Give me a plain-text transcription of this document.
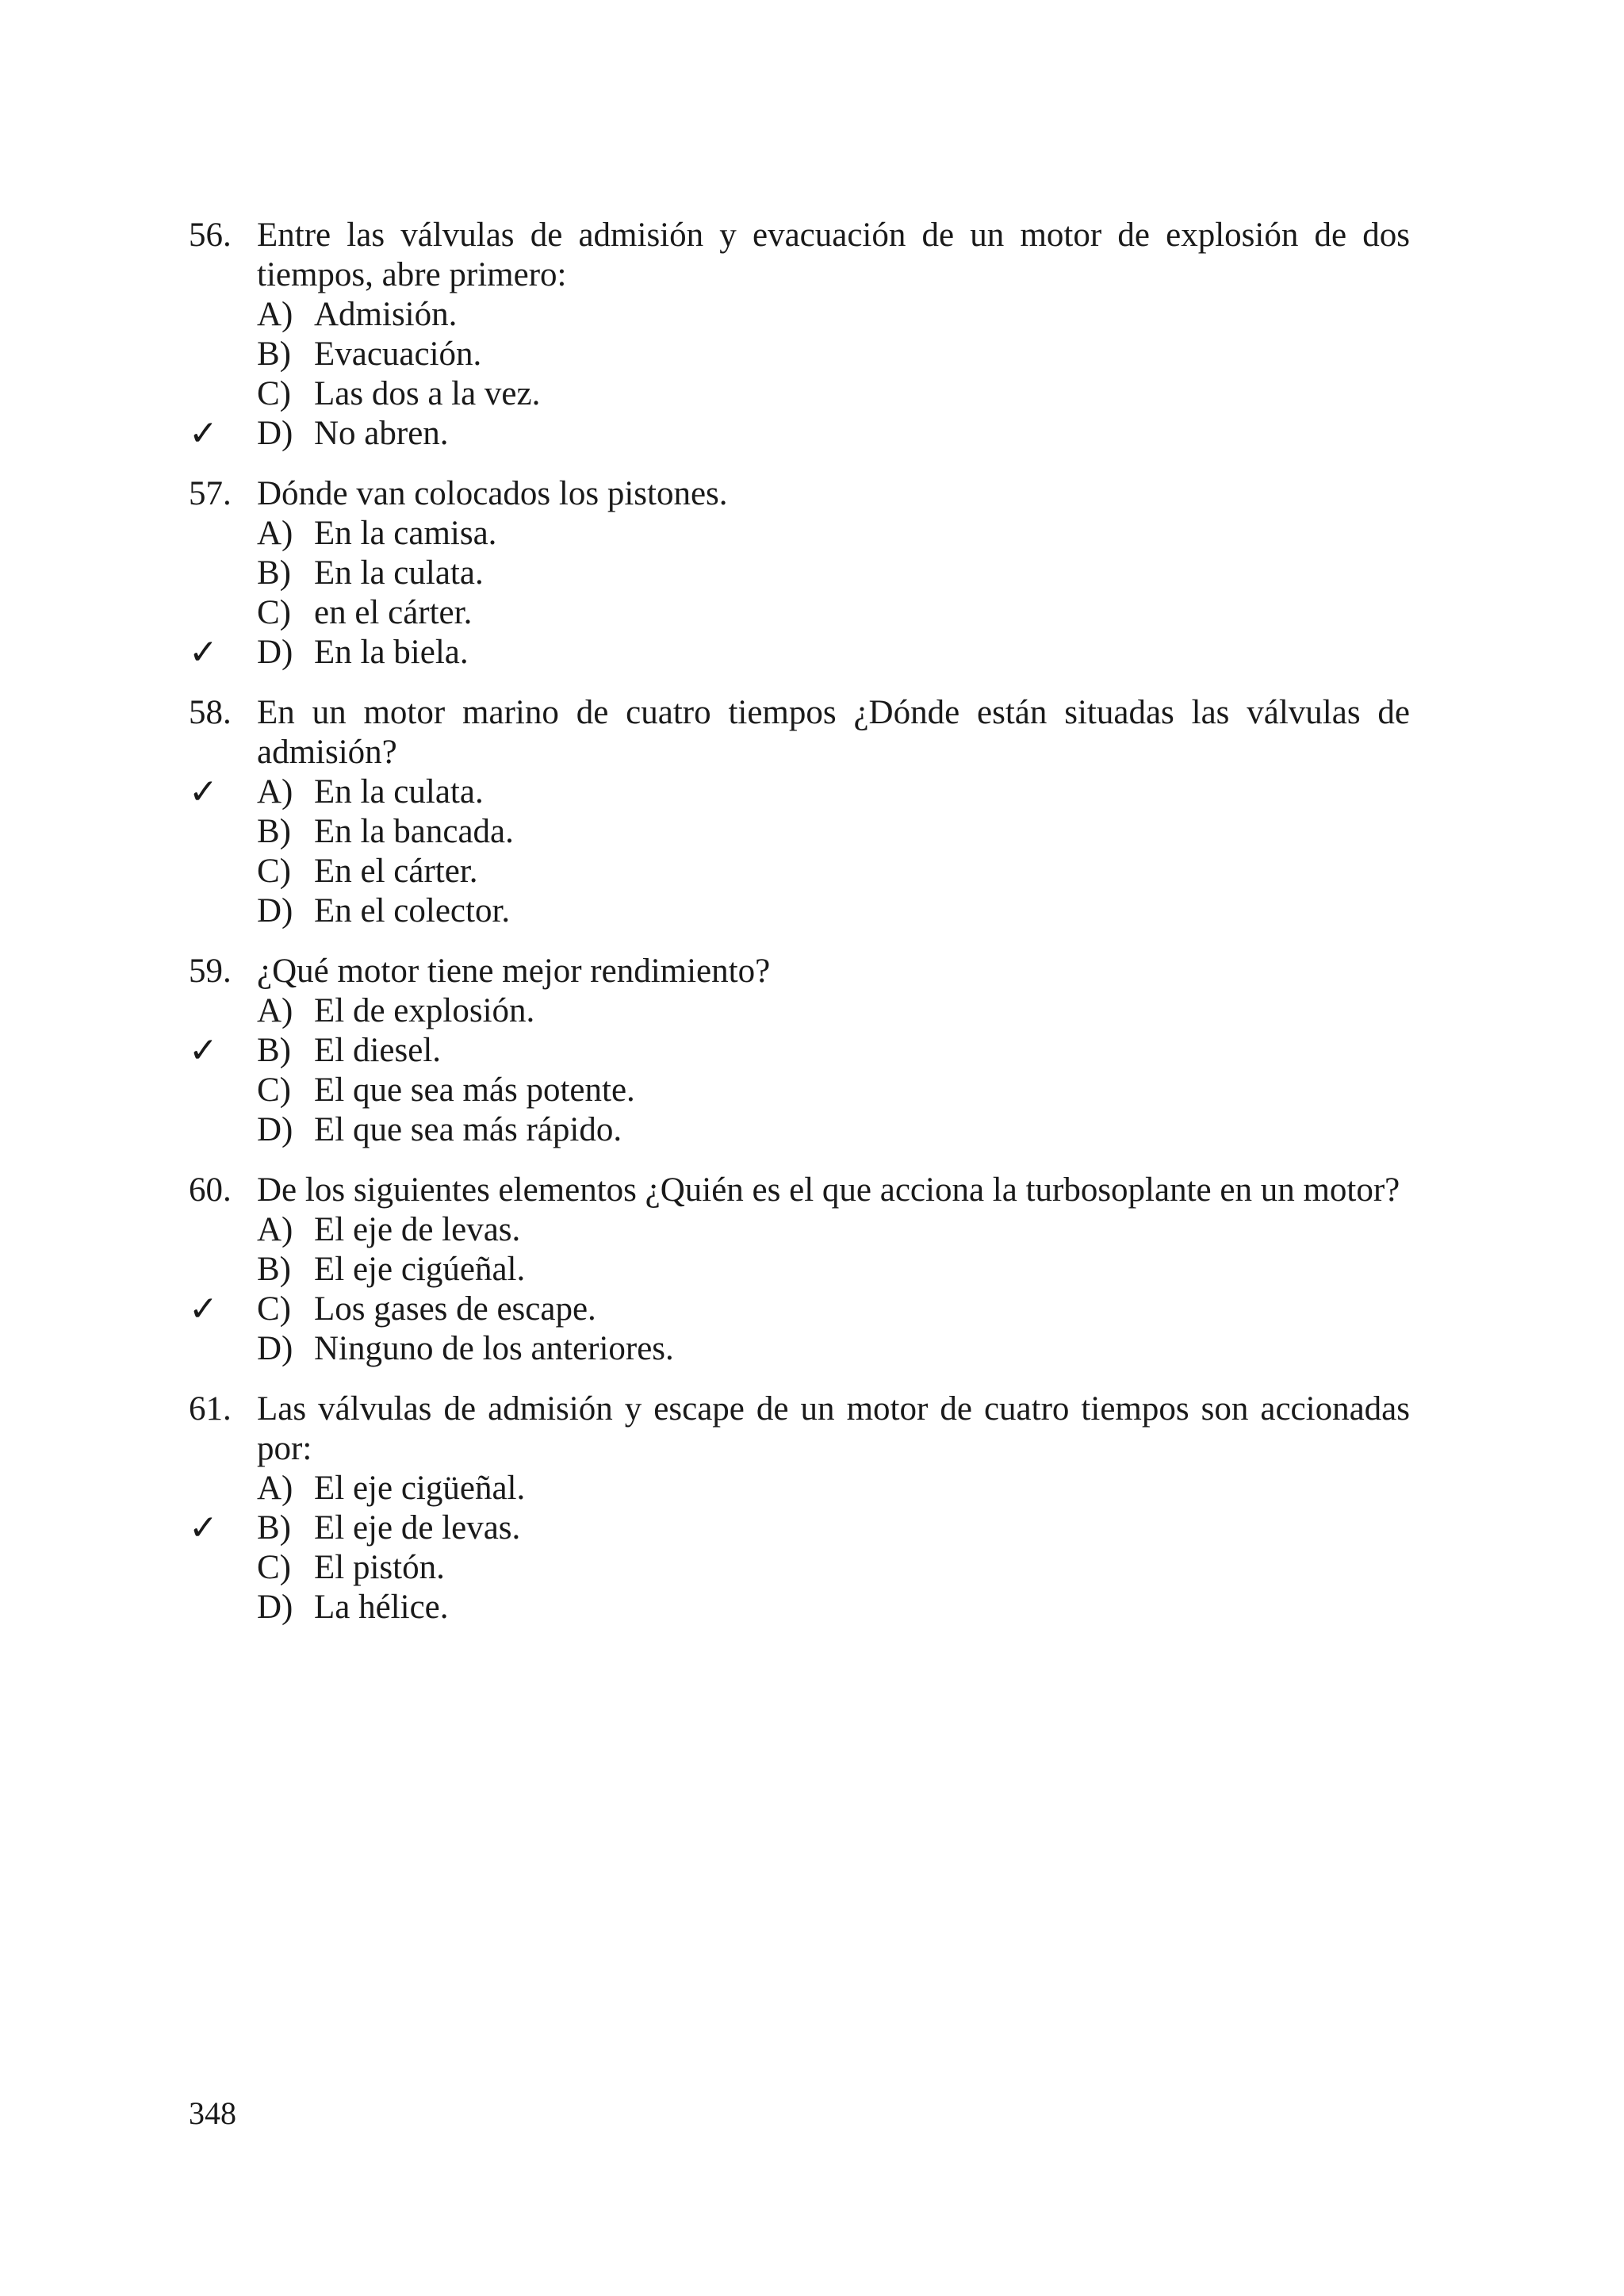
56. Entre las válvulas de admisión y evacuación de un motor de explosión de dos tiempos, abre primero:
A) Admisión.
B) Evacuación.
C) Las dos a la vez.
✓	D) No abren.
57. Dónde van colocados los pistones.
A) En la camisa.
B) En la culata.
C) en el cárter.
✓	D) En la biela.
58. En un motor marino de cuatro tiempos ¿Dónde están situadas las válvulas de admisión?
✓	A) En la culata.
B) En la bancada.
C) En el cárter.
D) En el colector.
59. ¿Qué motor tiene mejor rendimiento?
A) El de explosión.
✓	B) El diesel.
C) El que sea más potente.
D) El que sea más rápido.
60. De los siguientes elementos ¿Quién es el que acciona la turbosoplante en un motor?
A) El eje de levas.
B) El eje cigúeñal.
✓	C) Los gases de escape.
D) Ninguno de los anteriores.
61. Las válvulas de admisión y escape de un motor de cuatro tiempos son accionadas por:
A) El eje cigüeñal.
✓	B) El eje de levas.
C) El pistón.
D) La hélice.
348
